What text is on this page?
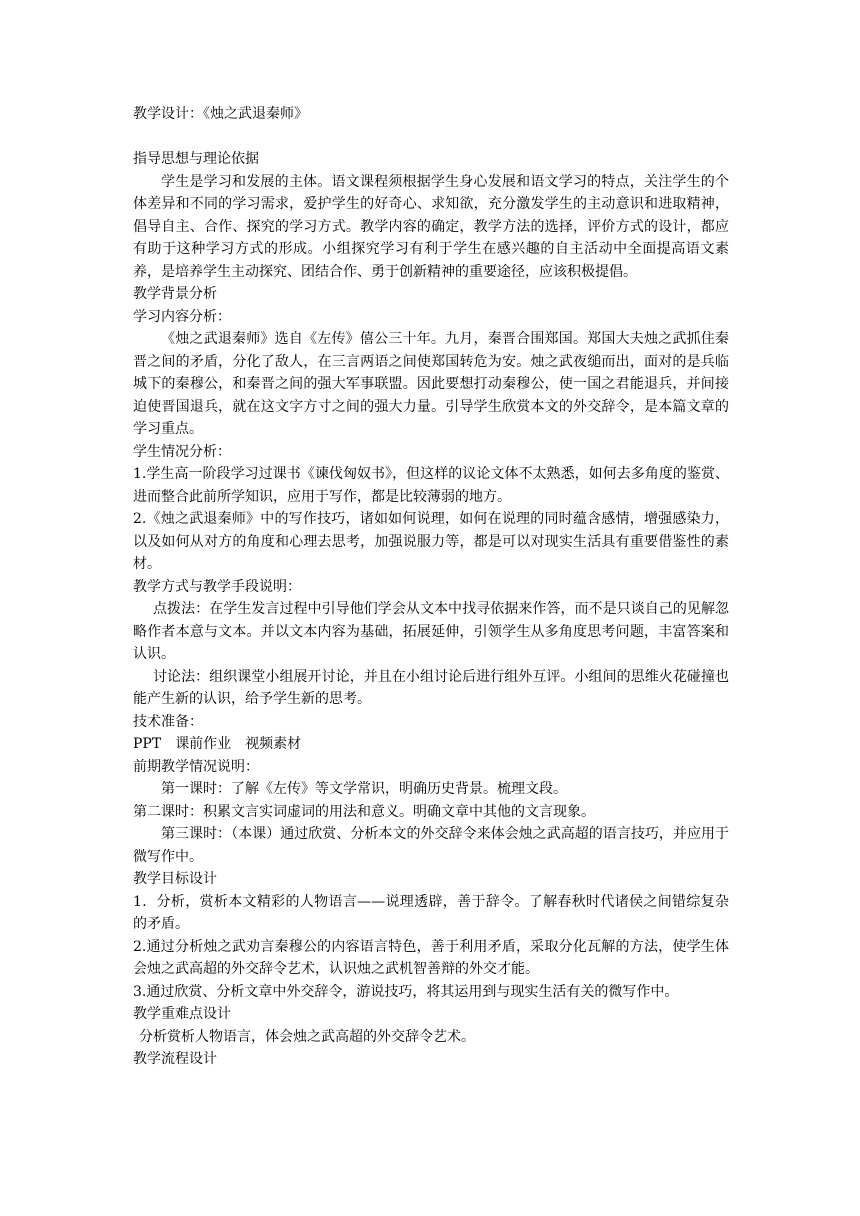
教学设计：《烛之武退秦师》

指导思想与理论依据

学生是学习和发展的主体。语文课程须根据学生身心发展和语文学习的特点，关注学生的个体差异和不同的学习需求，爱护学生的好奇心、求知欲，充分激发学生的主动意识和进取精神，倡导自主、合作、探究的学习方式。教学内容的确定，教学方法的选择，评价方式的设计，都应有助于这种学习方式的形成。小组探究学习有利于学生在感兴趣的自主活动中全面提高语文素养，是培养学生主动探究、团结合作、勇于创新精神的重要途径，应该积极提倡。

教学背景分析

学习内容分析：

《烛之武退秦师》选自《左传》僖公三十年。九月，秦晋合围郑国。郑国大夫烛之武抓住秦晋之间的矛盾，分化了敌人，在三言两语之间使郑国转危为安。烛之武夜缒而出，面对的是兵临城下的秦穆公，和秦晋之间的强大军事联盟。因此要想打动秦穆公，使一国之君能退兵，并间接迫使晋国退兵，就在这文字方寸之间的强大力量。引导学生欣赏本文的外交辞令，是本篇文章的学习重点。

学生情况分析：

1.学生高一阶段学习过课书《谏伐匈奴书》，但这样的议论文体不太熟悉，如何去多角度的鉴赏、进而整合此前所学知识，应用于写作，都是比较薄弱的地方。

2.《烛之武退秦师》中的写作技巧，诸如如何说理，如何在说理的同时蕴含感情，增强感染力，以及如何从对方的角度和心理去思考，加强说服力等，都是可以对现实生活具有重要借鉴性的素材。

教学方式与教学手段说明：

点拨法：在学生发言过程中引导他们学会从文本中找寻依据来作答，而不是只谈自己的见解忽略作者本意与文本。并以文本内容为基础，拓展延伸，引领学生从多角度思考问题，丰富答案和认识。

讨论法：组织课堂小组展开讨论，并且在小组讨论后进行组外互评。小组间的思维火花碰撞也能产生新的认识，给予学生新的思考。

技术准备：

PPT 课前作业 视频素材

前期教学情况说明：

第一课时：了解《左传》等文学常识，明确历史背景。梳理文段。

第二课时：积累文言实词虚词的用法和意义。明确文章中其他的文言现象。

第三课时：（本课）通过欣赏、分析本文的外交辞令来体会烛之武高超的语言技巧，并应用于微写作中。

教学目标设计

1．分析，赏析本文精彩的人物语言——说理透辟，善于辞令。了解春秋时代诸侯之间错综复杂的矛盾。

2.通过分析烛之武劝言秦穆公的内容语言特色，善于利用矛盾，采取分化瓦解的方法，使学生体会烛之武高超的外交辞令艺术，认识烛之武机智善辩的外交才能。

3.通过欣赏、分析文章中外交辞令，游说技巧，将其运用到与现实生活有关的微写作中。

教学重难点设计

分析赏析人物语言，体会烛之武高超的外交辞令艺术。

教学流程设计
